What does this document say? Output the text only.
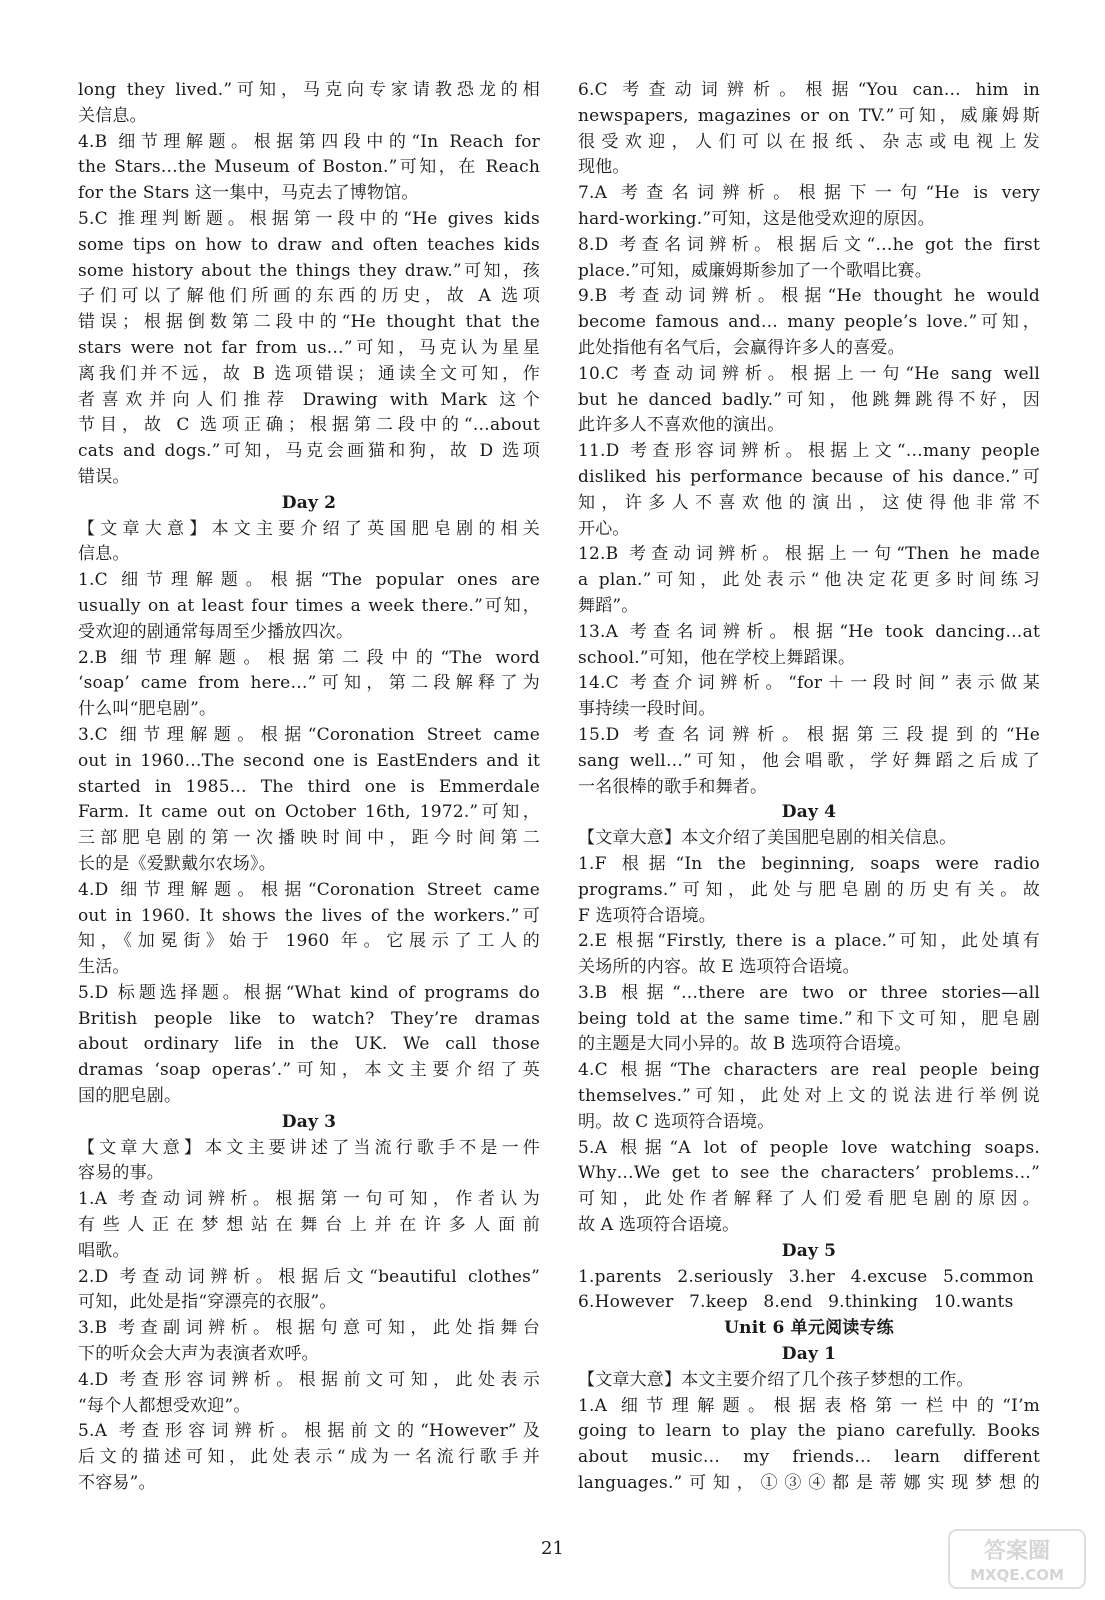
long they lived.”可知，马克向专家请教恐龙的相
关信息。
4.B 细节理解题。根据第四段中的“In Reach for
the Stars…the Museum of Boston.”可知，在 Reach
for the Stars 这一集中，马克去了博物馆。
5.C 推理判断题。根据第一段中的“He gives kids
some tips on how to draw and often teaches kids
some history about the things they draw.”可知，孩
子们可以了解他们所画的东西的历史，故 A 选项
错误；根据倒数第二段中的“He thought that the
stars were not far from us…”可知，马克认为星星
离我们并不远，故 B 选项错误；通读全文可知，作
者喜欢并向人们推荐 Drawing with Mark 这个
节目，故 C 选项正确；根据第二段中的“…about
cats and dogs.”可知，马克会画猫和狗，故 D 选项
错误。
Day 2
【文章大意】本文主要介绍了英国肥皂剧的相关
信息。
1.C 细节理解题。根据“The popular ones are
usually on at least four times a week there.”可知，
受欢迎的剧通常每周至少播放四次。
2.B 细节理解题。根据第二段中的“The word
‘soap’ came from here…”可知，第二段解释了为
什么叫“肥皂剧”。
3.C 细节理解题。根据“Coronation Street came
out in 1960…The second one is EastEnders and it
started in 1985… The third one is Emmerdale
Farm. It came out on October 16th, 1972.”可知，
三部肥皂剧的第一次播映时间中，距今时间第二
长的是《爱默戴尔农场》。
4.D 细节理解题。根据“Coronation Street came
out in 1960. It shows the lives of the workers.”可
知，《加冕街》始于 1960 年。它展示了工人的
生活。
5.D 标题选择题。根据“What kind of programs do
British people like to watch? They’re dramas
about ordinary life in the UK. We call those
dramas ‘soap operas’.”可知，本文主要介绍了英
国的肥皂剧。
Day 3
【文章大意】本文主要讲述了当流行歌手不是一件
容易的事。
1.A 考查动词辨析。根据第一句可知，作者认为
有些人正在梦想站在舞台上并在许多人面前
唱歌。
2.D 考查动词辨析。根据后文“beautiful clothes”
可知，此处是指“穿漂亮的衣服”。
3.B 考查副词辨析。根据句意可知，此处指舞台
下的听众会大声为表演者欢呼。
4.D 考查形容词辨析。根据前文可知，此处表示
“每个人都想受欢迎”。
5.A 考查形容词辨析。根据前文的“However”及
后文的描述可知，此处表示“成为一名流行歌手并
不容易”。
6.C 考查动词辨析。根据“You can… him in
newspapers, magazines or on TV.”可知，威廉姆斯
很受欢迎，人们可以在报纸、杂志或电视上发
现他。
7.A 考查名词辨析。根据下一句“He is very
hard-working.”可知，这是他受欢迎的原因。
8.D 考查名词辨析。根据后文“…he got the first
place.”可知，威廉姆斯参加了一个歌唱比赛。
9.B 考查动词辨析。根据“He thought he would
become famous and… many people’s love.”可知，
此处指他有名气后，会赢得许多人的喜爱。
10.C 考查动词辨析。根据上一句“He sang well
but he danced badly.”可知，他跳舞跳得不好，因
此许多人不喜欢他的演出。
11.D 考查形容词辨析。根据上文“…many people
disliked his performance because of his dance.”可
知，许多人不喜欢他的演出，这使得他非常不
开心。
12.B 考查动词辨析。根据上一句“Then he made
a plan.”可知，此处表示“他决定花更多时间练习
舞蹈”。
13.A 考查名词辨析。根据“He took dancing…at
school.”可知，他在学校上舞蹈课。
14.C 考查介词辨析。“for＋一段时间”表示做某
事持续一段时间。
15.D 考查名词辨析。根据第三段提到的“He
sang well…”可知，他会唱歌，学好舞蹈之后成了
一名很棒的歌手和舞者。
Day 4
【文章大意】本文介绍了美国肥皂剧的相关信息。
1.F 根据“In the beginning, soaps were radio
programs.”可知，此处与肥皂剧的历史有关。故
F 选项符合语境。
2.E 根据“Firstly, there is a place.”可知，此处填有
关场所的内容。故 E 选项符合语境。
3.B 根据“…there are two or three stories—all
being told at the same time.”和下文可知，肥皂剧
的主题是大同小异的。故 B 选项符合语境。
4.C 根据“The characters are real people being
themselves.”可知，此处对上文的说法进行举例说
明。故 C 选项符合语境。
5.A 根据“A lot of people love watching soaps.
Why…We get to see the characters’ problems…”
可知，此处作者解释了人们爱看肥皂剧的原因。
故 A 选项符合语境。
Day 5
1.parents 2.seriously 3.her 4.excuse 5.common
6.However 7.keep 8.end 9.thinking 10.wants
Unit 6 单元阅读专练
Day 1
【文章大意】本文主要介绍了几个孩子梦想的工作。
1.A 细节理解题。根据表格第一栏中的“I’m
going to learn to play the piano carefully. Books
about music… my friends… learn different
languages.”可知，①③④都是蒂娜实现梦想的
21	答案圈
MXQE.COM
